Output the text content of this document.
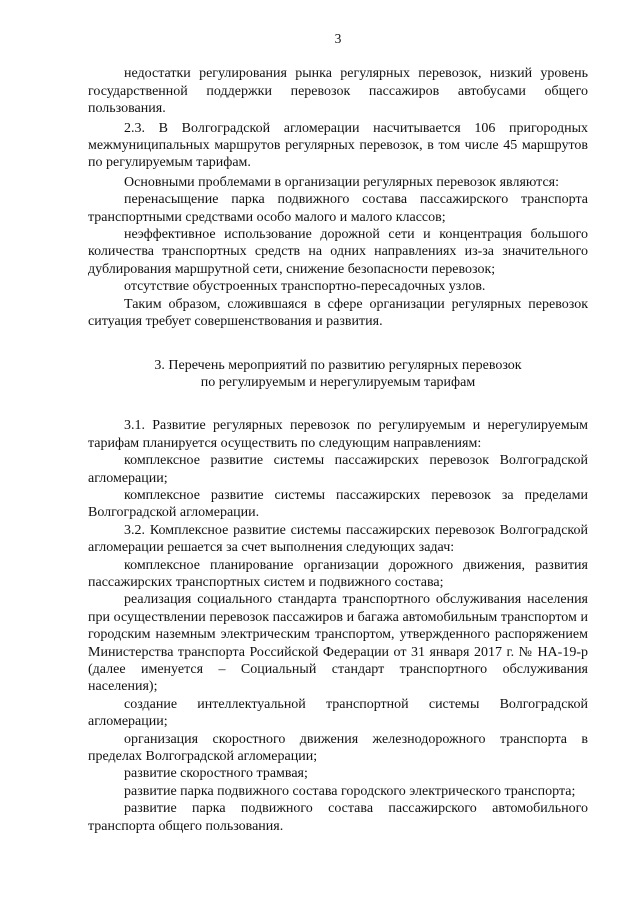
3

недостатки регулирования рынка регулярных перевозок, низкий уровень государственной поддержки перевозок пассажиров автобусами общего пользования.

2.3. В Волгоградской агломерации насчитывается 106 пригородных межмуниципальных маршрутов регулярных перевозок, в том числе 45 маршрутов по регулируемым тарифам.

Основными проблемами в организации регулярных перевозок являются:

перенасыщение парка подвижного состава пассажирского транспорта транспортными средствами особо малого и малого классов;

неэффективное использование дорожной сети и концентрация большого количества транспортных средств на одних направлениях из-за значительного дублирования маршрутной сети, снижение безопасности перевозок;

отсутствие обустроенных транспортно-пересадочных узлов.

Таким образом, сложившаяся в сфере организации регулярных перевозок ситуация требует совершенствования и развития.

3. Перечень мероприятий по развитию регулярных перевозок
по регулируемым и нерегулируемым тарифам

3.1. Развитие регулярных перевозок по регулируемым и нерегулируемым тарифам планируется осуществить по следующим направлениям:

комплексное развитие системы пассажирских перевозок Волгоградской агломерации;

комплексное развитие системы пассажирских перевозок за пределами Волгоградской агломерации.

3.2. Комплексное развитие системы пассажирских перевозок Волгоградской агломерации решается за счет выполнения следующих задач:

комплексное планирование организации дорожного движения, развития пассажирских транспортных систем и подвижного состава;

реализация социального стандарта транспортного обслуживания населения при осуществлении перевозок пассажиров и багажа автомобильным транспортом и городским наземным электрическим транспортом, утвержденного распоряжением Министерства транспорта Российской Федерации от 31 января 2017 г. № НА-19-р (далее именуется – Социальный стандарт транспортного обслуживания населения);

создание интеллектуальной транспортной системы Волгоградской агломерации;

организация скоростного движения железнодорожного транспорта в пределах Волгоградской агломерации;

развитие скоростного трамвая;

развитие парка подвижного состава городского электрического транспорта;

развитие парка подвижного состава пассажирского автомобильного транспорта общего пользования.
